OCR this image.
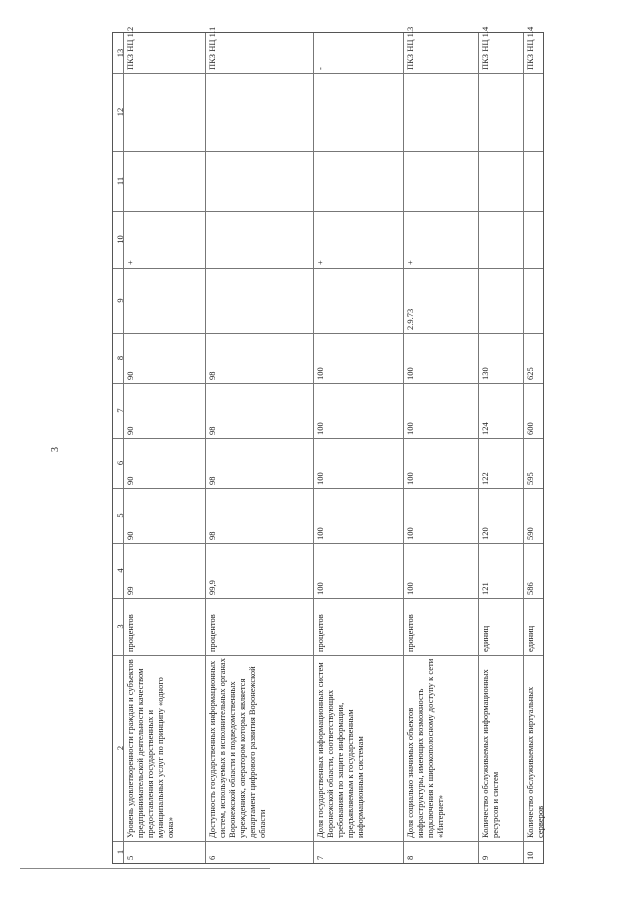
3
1
2
3
4
5
6
7
8
9
10
11
12
13
5
Уровень удовлетворенности граждан и субъектов предпринимательской деятельности качеством предоставления государственных и муниципальных услуг по принципу «одного окна»
процентов
99
90
90
90
90
+
ПКЗ НЦ 1.2
6
Доступность государственных информационных систем, используемых в исполнительных органах Воронежской области и подведомственных учреждениях, оператором которых является департамент цифрового развития Воронежской области
процентов
99,9
98
98
98
98
ПКЗ НЦ 1.1
7
Доля государственных информационных систем Воронежской области, соответствующих требованиям по защите информации, предъявляемым к государственным информационным системам
процентов
100
100
100
100
100
+
-
8
Доля социально значимых объектов инфраструктуры, имеющих возможность подключения к широкополосному доступу к сети «Интернет»
процентов
100
100
100
100
100
2.9.73
+
ПКЗ НЦ 1.3
9
Количество обслуживаемых информационных ресурсов и систем
единиц
121
120
122
124
130
ПКЗ НЦ 1.4
10
Количество обслуживаемых виртуальных серверов
единиц
586
590
595
600
625
ПКЗ НЦ 1.4
